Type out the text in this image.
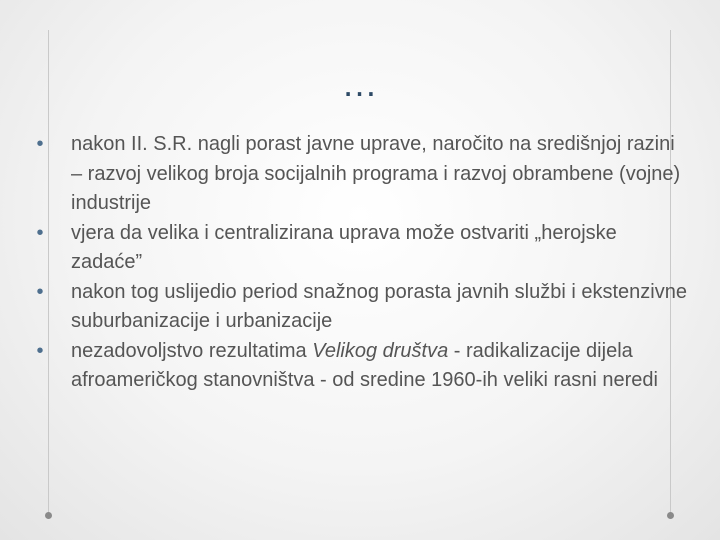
…
•	nakon II. S.R. nagli porast javne uprave, naročito na središnjoj razini – razvoj velikog broja socijalnih programa i razvoj obrambene (vojne) industrije
•	vjera da velika i centralizirana uprava može ostvariti „herojske zadaće”
•	nakon tog uslijedio period snažnog porasta javnih službi i ekstenzivne suburbanizacije i urbanizacije
•	nezadovoljstvo rezultatima Velikog društva - radikalizacije dijela afroameričkog stanovništva - od sredine 1960-ih veliki rasni neredi
